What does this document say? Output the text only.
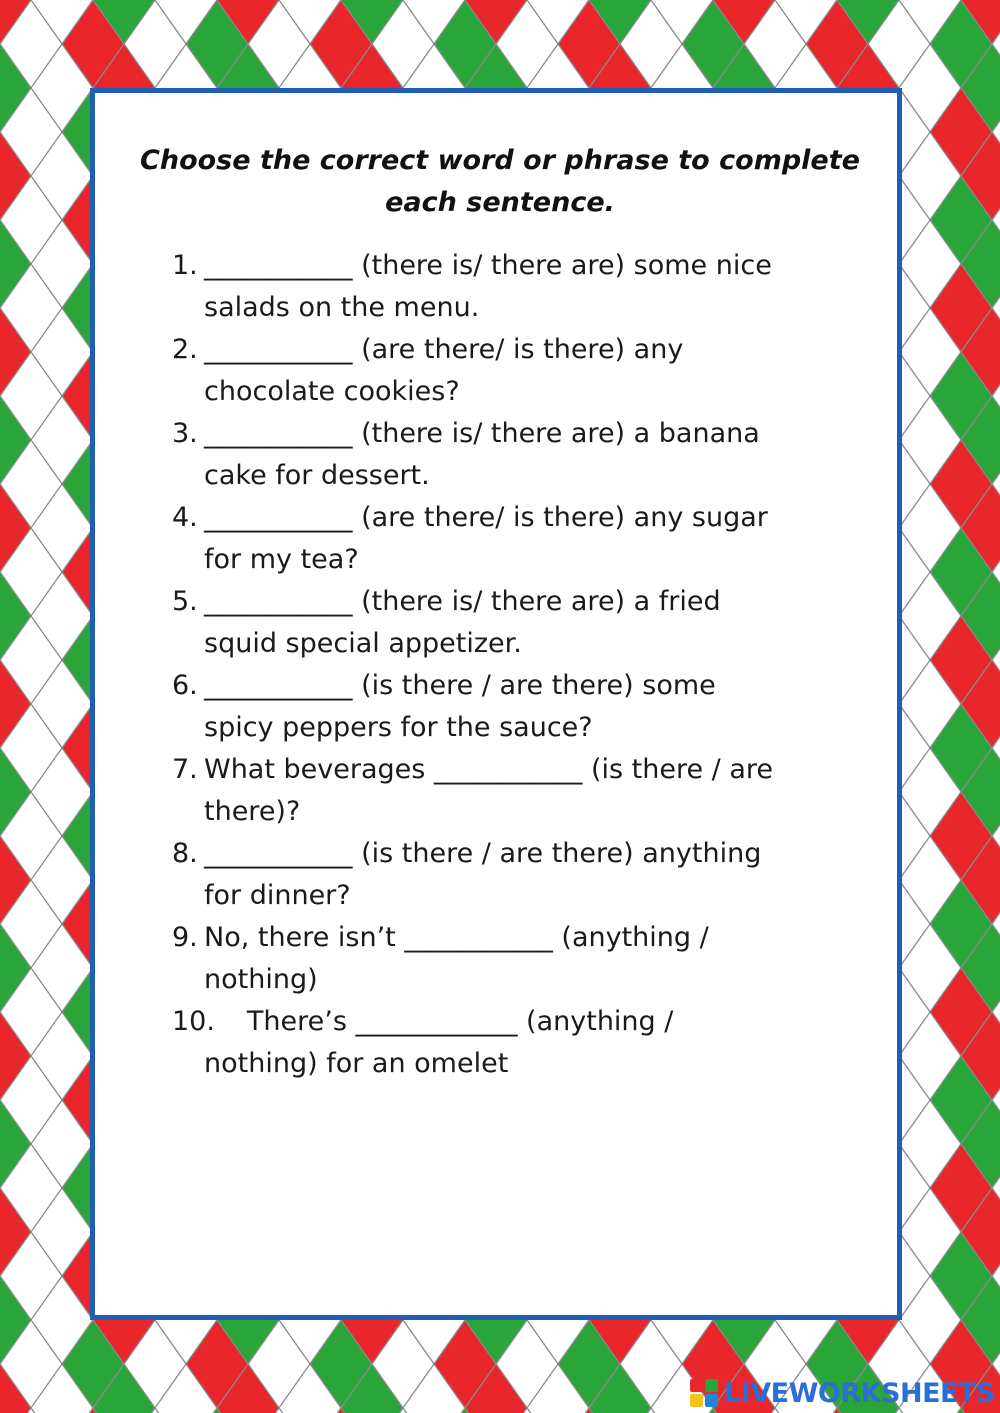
Choose the correct word or phrase to complete
each sentence.
1. ___________ (there is/ there are) some nice
salads on the menu.
2. ___________ (are there/ is there) any
chocolate cookies?
3. ___________ (there is/ there are) a banana
cake for dessert.
4. ___________ (are there/ is there) any sugar
for my tea?
5. ___________ (there is/ there are) a fried
squid special appetizer.
6. ___________ (is there / are there) some
spicy peppers for the sauce?
7. What beverages ___________ (is there / are
there)?
8. ___________ (is there / are there) anything
for dinner?
9. No, there isn’t ___________ (anything /
nothing)
10.
There’s ____________ (anything /
nothing) for an omelet
LIVEWORKSHEETS
